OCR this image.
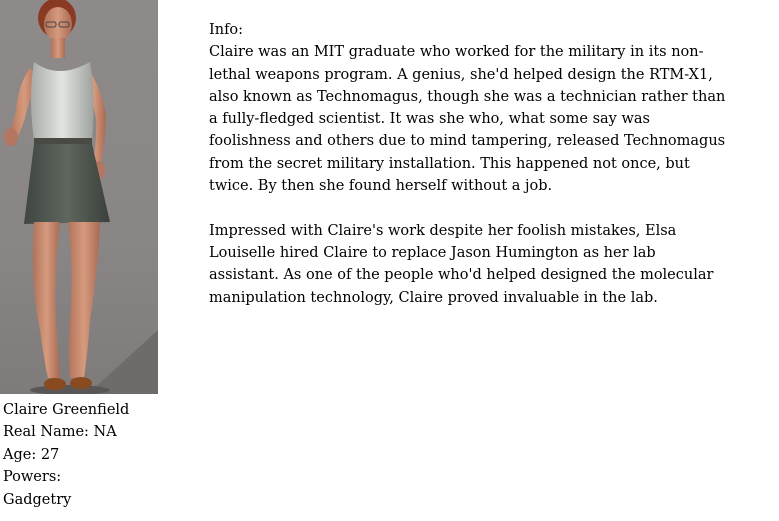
Claire Greenfield
Real Name: NA
Age: 27
Powers:
Gadgetry
Info:

Claire was an MIT graduate who worked for the military in its non-lethal weapons program. A genius, she'd helped design the RTM-X1, also known as Technomagus, though she was a technician rather than a fully-fledged scientist. It was she who, what some say was foolishness and others due to mind tampering, released Technomagus from the secret military installation. This happened not once, but twice. By then she found herself without a job.

Impressed with Claire's work despite her foolish mistakes, Elsa Louiselle hired Claire to replace Jason Humington as her lab assistant. As one of the people who'd helped designed the molecular manipulation technology, Claire proved invaluable in the lab.
